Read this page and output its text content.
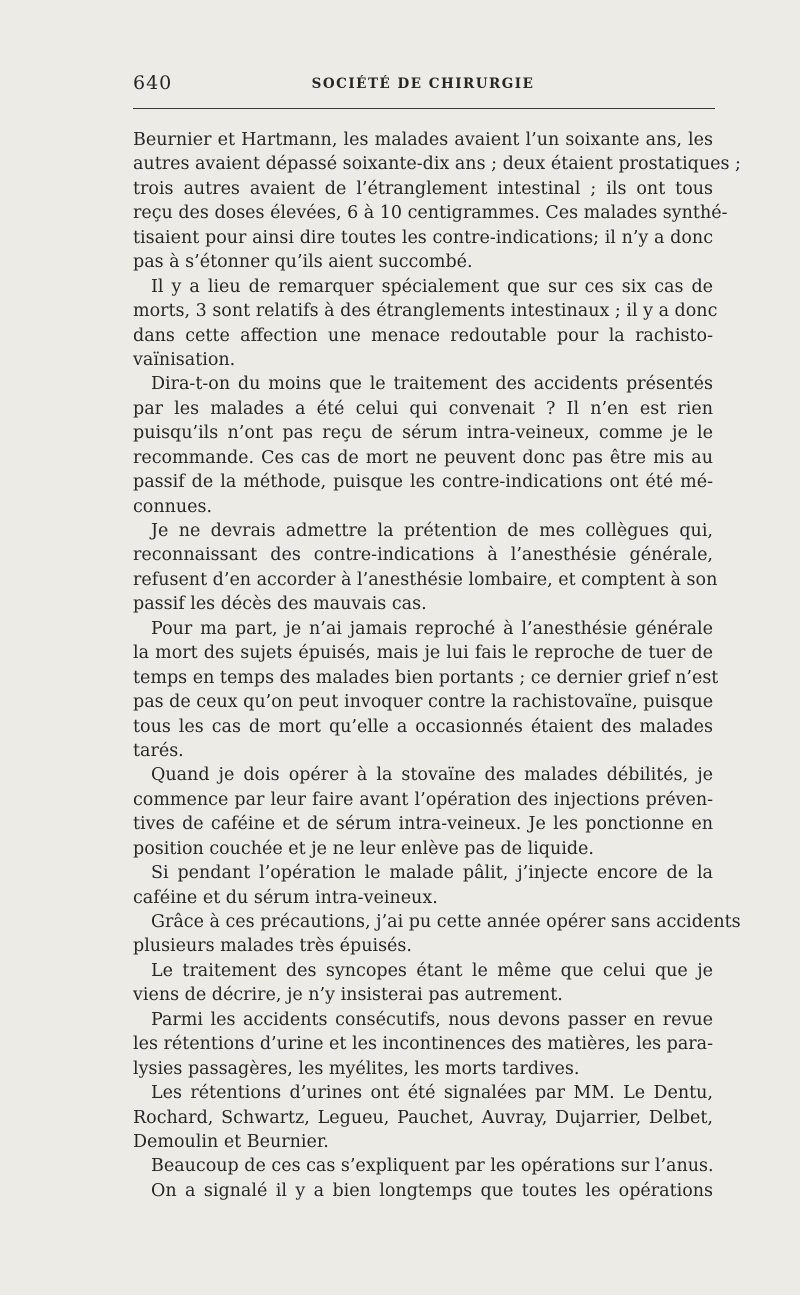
640	SOCIÉTÉ DE CHIRURGIE
Beurnier et Hartmann, les malades avaient l’un soixante ans, les
autres avaient dépassé soixante-dix ans ; deux étaient prostatiques ;
trois autres avaient de l’étranglement intestinal ; ils ont tous
reçu des doses élevées, 6 à 10 centigrammes. Ces malades synthé-
tisaient pour ainsi dire toutes les contre-indications; il n’y a donc
pas à s’étonner qu’ils aient succombé.
Il y a lieu de remarquer spécialement que sur ces six cas de
morts, 3 sont relatifs à des étranglements intestinaux ; il y a donc
dans cette affection une menace redoutable pour la rachisto-
vaïnisation.
Dira-t-on du moins que le traitement des accidents présentés
par les malades a été celui qui convenait ? Il n’en est rien
puisqu’ils n’ont pas reçu de sérum intra-veineux, comme je le
recommande. Ces cas de mort ne peuvent donc pas être mis au
passif de la méthode, puisque les contre-indications ont été mé-
connues.
Je ne devrais admettre la prétention de mes collègues qui,
reconnaissant des contre-indications à l’anesthésie générale,
refusent d’en accorder à l’anesthésie lombaire, et comptent à son
passif les décès des mauvais cas.
Pour ma part, je n’ai jamais reproché à l’anesthésie générale
la mort des sujets épuisés, mais je lui fais le reproche de tuer de
temps en temps des malades bien portants ; ce dernier grief n’est
pas de ceux qu’on peut invoquer contre la rachistovaïne, puisque
tous les cas de mort qu’elle a occasionnés étaient des malades
tarés.
Quand je dois opérer à la stovaïne des malades débilités, je
commence par leur faire avant l’opération des injections préven-
tives de caféine et de sérum intra-veineux. Je les ponctionne en
position couchée et je ne leur enlève pas de liquide.
Si pendant l’opération le malade pâlit, j’injecte encore de la
caféine et du sérum intra-veineux.
Grâce à ces précautions, j’ai pu cette année opérer sans accidents
plusieurs malades très épuisés.
Le traitement des syncopes étant le même que celui que je
viens de décrire, je n’y insisterai pas autrement.
Parmi les accidents consécutifs, nous devons passer en revue
les rétentions d’urine et les incontinences des matières, les para-
lysies passagères, les myélites, les morts tardives.
Les rétentions d’urines ont été signalées par MM. Le Dentu,
Rochard, Schwartz, Legueu, Pauchet, Auvray, Dujarrier, Delbet,
Demoulin et Beurnier.
Beaucoup de ces cas s’expliquent par les opérations sur l’anus.
On a signalé il y a bien longtemps que toutes les opérations
